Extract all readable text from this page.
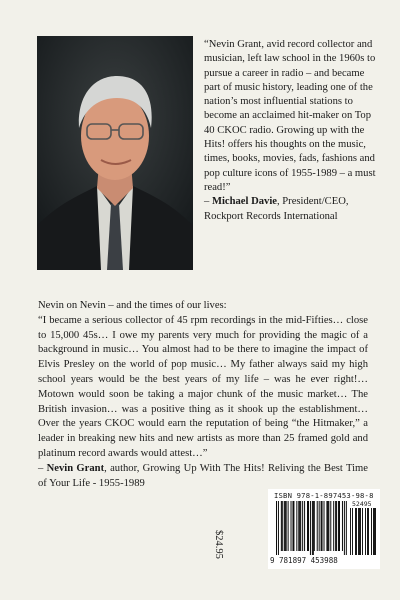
“Nevin Grant, avid record collector and musician, left law school in the 1960s to pursue a career in radio – and became part of music history, leading one of the nation’s most influential stations to become an acclaimed hit-maker on Top 40 CKOC radio. Growing up with the Hits! offers his thoughts on the music, times, books, movies, fads, fashions and pop culture icons of 1955-1989 – a must read!”

– Michael Davie, President/CEO, Rockport Records International

Nevin on Nevin – and the times of our lives:

“I became a serious collector of 45 rpm recordings in the mid-Fifties… close to 15,000 45s… I owe my parents very much for providing the magic of a background in music… You almost had to be there to imagine the impact of Elvis Presley on the world of pop music… My father always said my high school years would be the best years of my life – was he ever right!… Motown would soon be taking a major chunk of the music market… The British invasion… was a positive thing as it shook up the establishment… Over the years CKOC would earn the reputation of being “the Hitmaker,” a leader in breaking new hits and new artists as more than 25 framed gold and platinum record awards would attest…”

– Nevin Grant, author, Growing Up With The Hits! Reliving the Best Time of Your Life - 1955-1989

$24.95
ISBN 978-1-897453-98-8
52495
9 781897 453988
